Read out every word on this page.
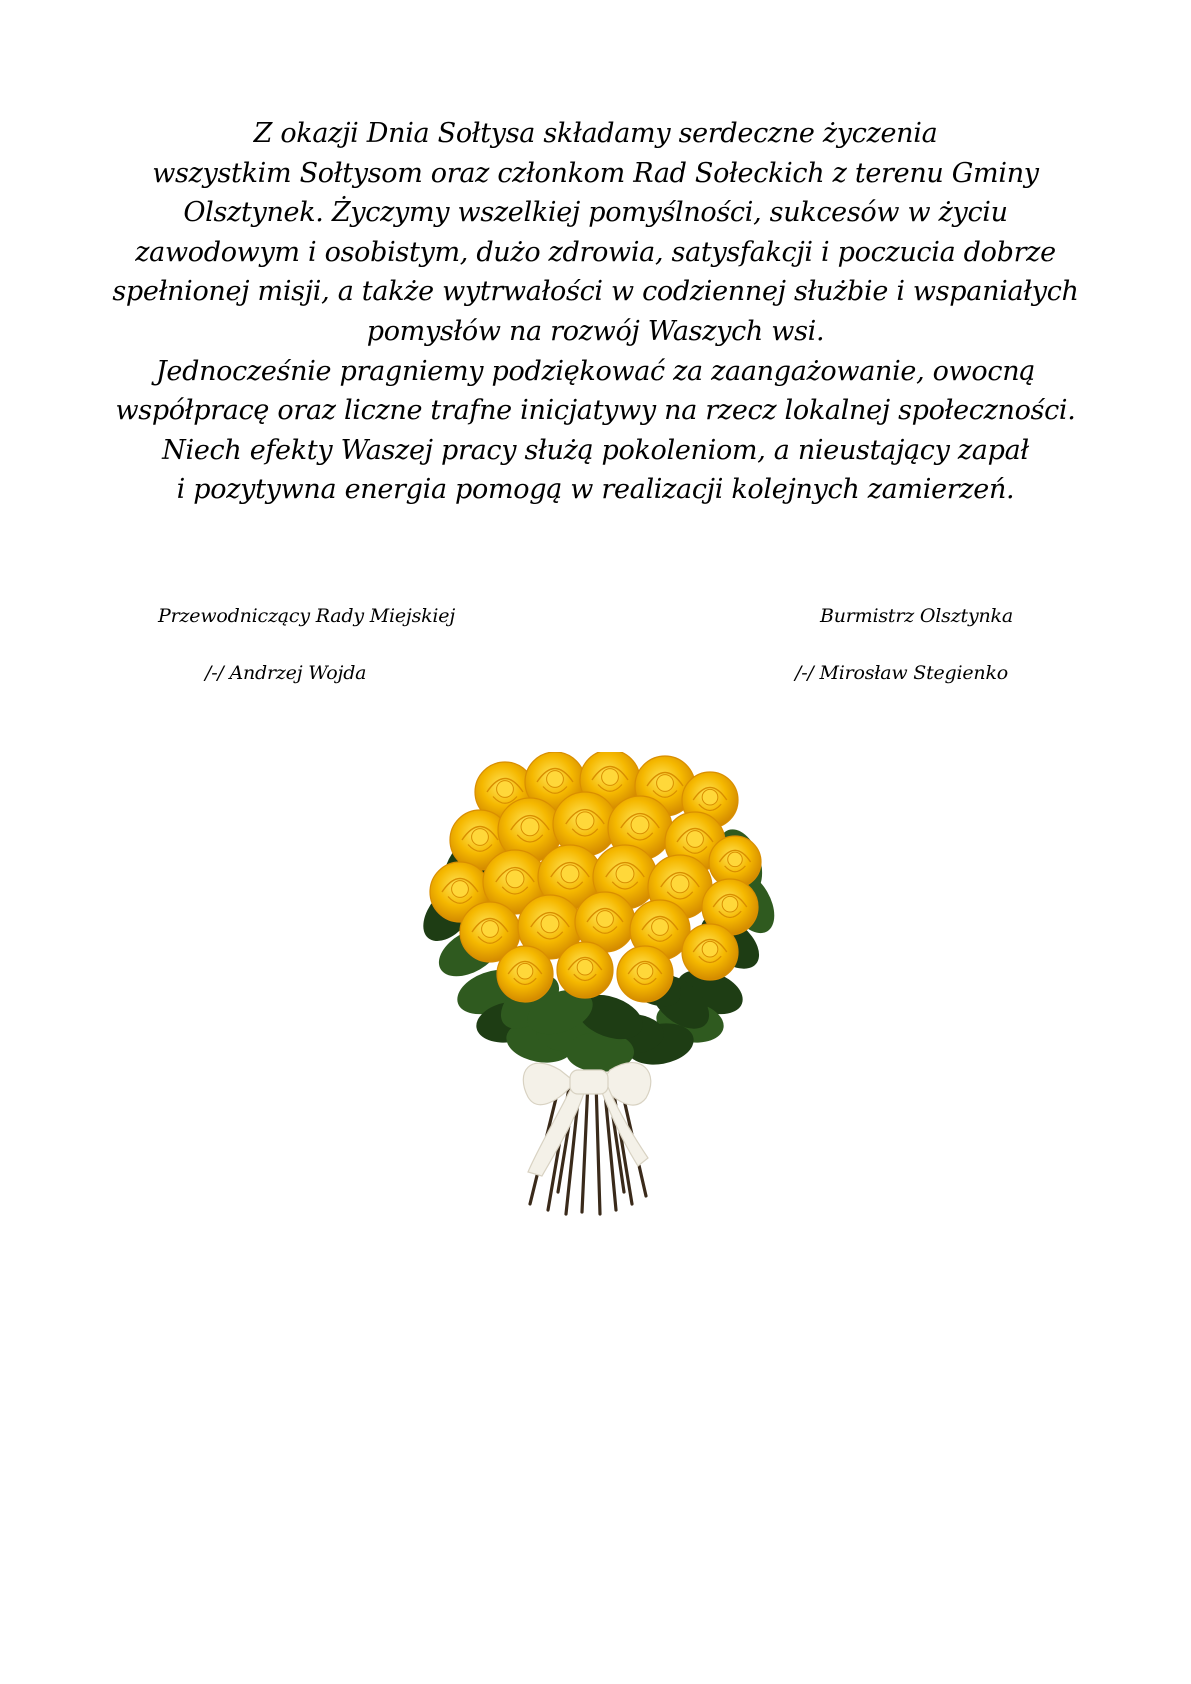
Z okazji Dnia Sołtysa składamy serdeczne życzenia
wszystkim Sołtysom oraz członkom Rad Sołeckich z terenu Gminy
Olsztynek. Życzymy wszelkiej pomyślności, sukcesów w życiu
zawodowym i osobistym, dużo zdrowia, satysfakcji i poczucia dobrze
spełnionej misji, a także wytrwałości w codziennej służbie i wspaniałych
pomysłów na rozwój Waszych wsi.
Jednocześnie pragniemy podziękować za zaangażowanie, owocną
współpracę oraz liczne trafne inicjatywy na rzecz lokalnej społeczności.
Niech efekty Waszej pracy służą pokoleniom, a nieustający zapał
i pozytywna energia pomogą w realizacji kolejnych zamierzeń.
Przewodniczący Rady Miejskiej
/-/ Andrzej Wojda
Burmistrz Olsztynka
/-/ Mirosław Stegienko
